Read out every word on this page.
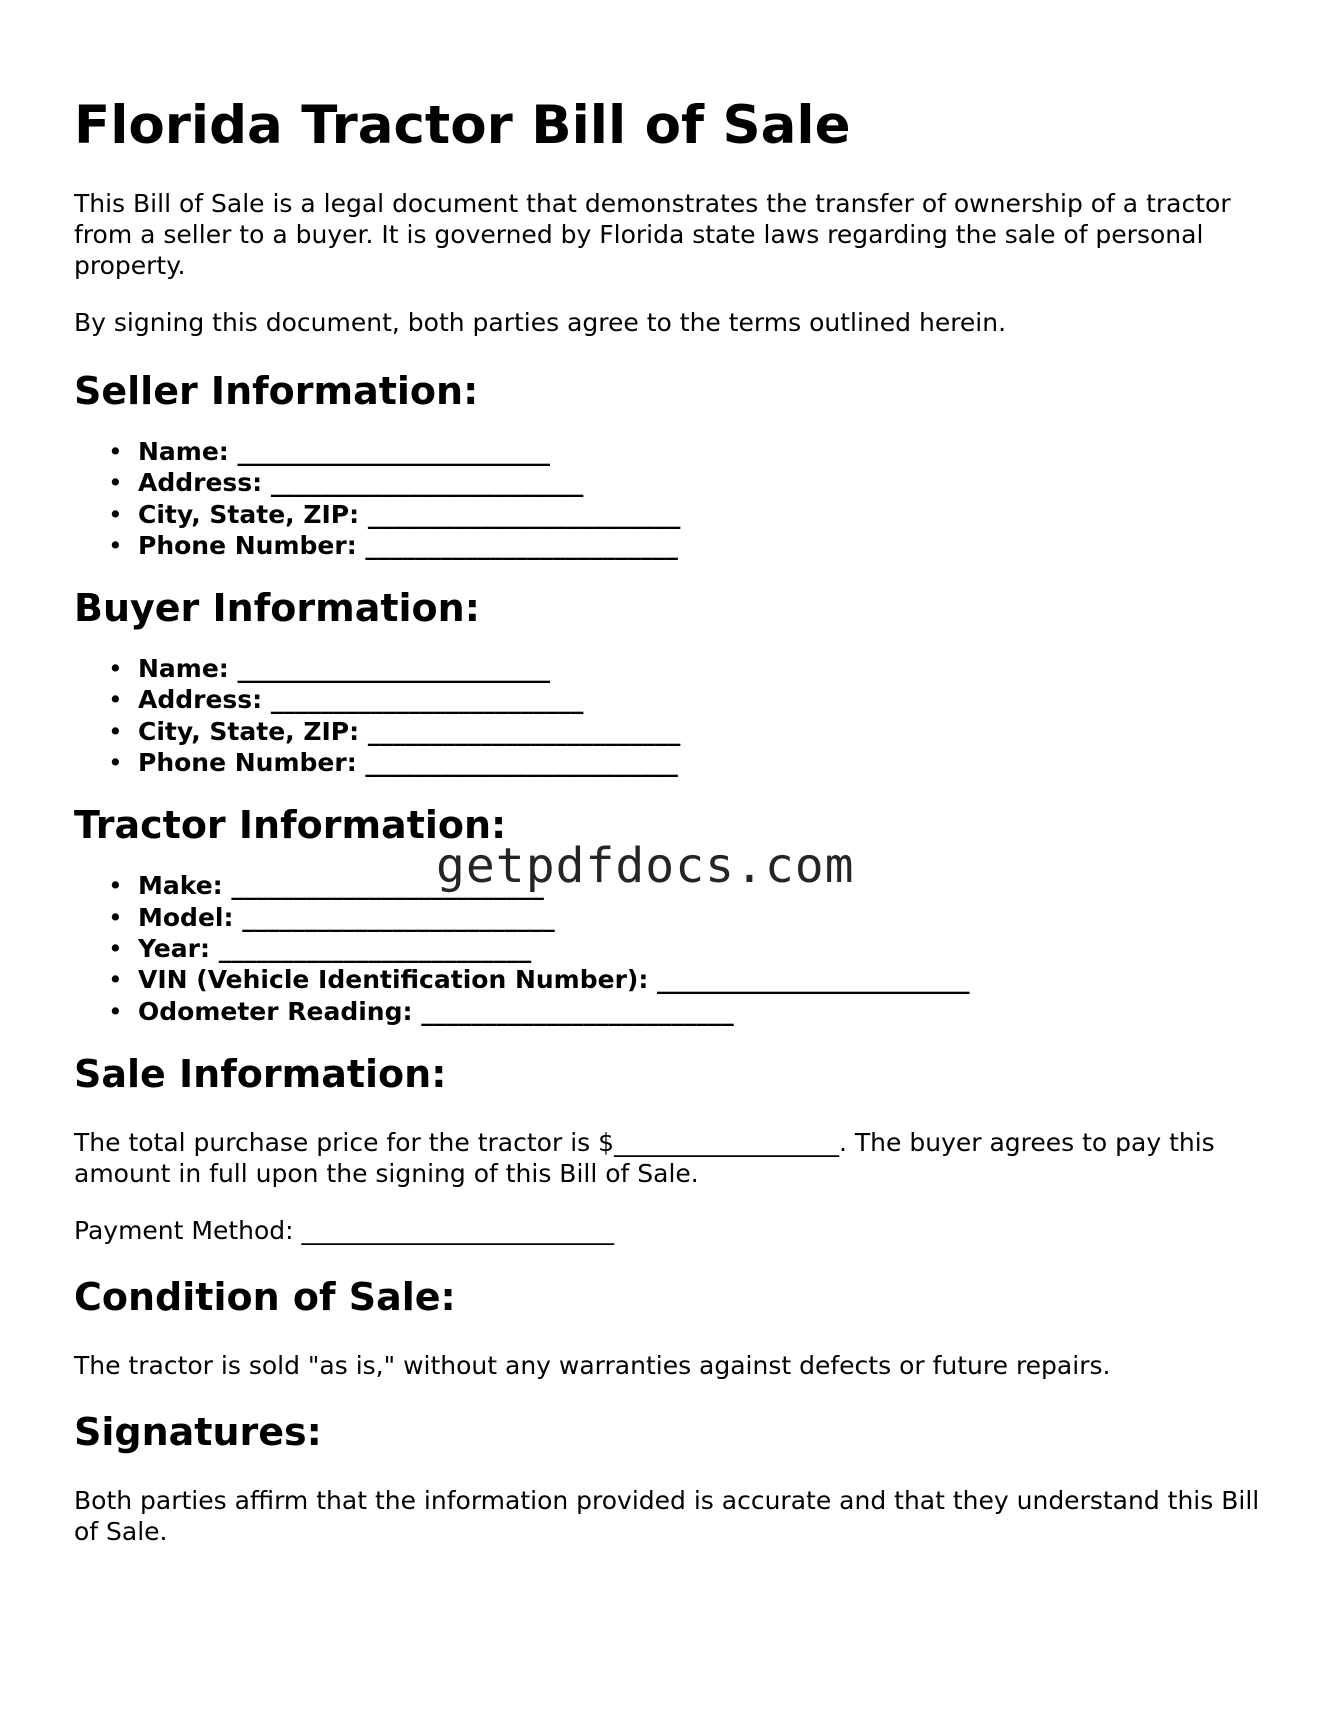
Florida Tractor Bill of Sale

This Bill of Sale is a legal document that demonstrates the transfer of ownership of a tractor from a seller to a buyer. It is governed by Florida state laws regarding the sale of personal property.

By signing this document, both parties agree to the terms outlined herein.

Seller Information:
• Name: _________________________
• Address: _________________________
• City, State, ZIP: _________________________
• Phone Number: _________________________
Buyer Information:
• Name: _________________________
• Address: _________________________
• City, State, ZIP: _________________________
• Phone Number: _________________________
Tractor Information:
• Make: _________________________
• Model: _________________________
• Year: _________________________
• VIN (Vehicle Identification Number): _________________________
• Odometer Reading: _________________________
Sale Information:

The total purchase price for the tractor is $__________________. The buyer agrees to pay this amount in full upon the signing of this Bill of Sale.

Payment Method: _________________________

Condition of Sale:

The tractor is sold "as is," without any warranties against defects or future repairs.

Signatures:

Both parties affirm that the information provided is accurate and that they understand this Bill of Sale.

getpdfdocs.com
